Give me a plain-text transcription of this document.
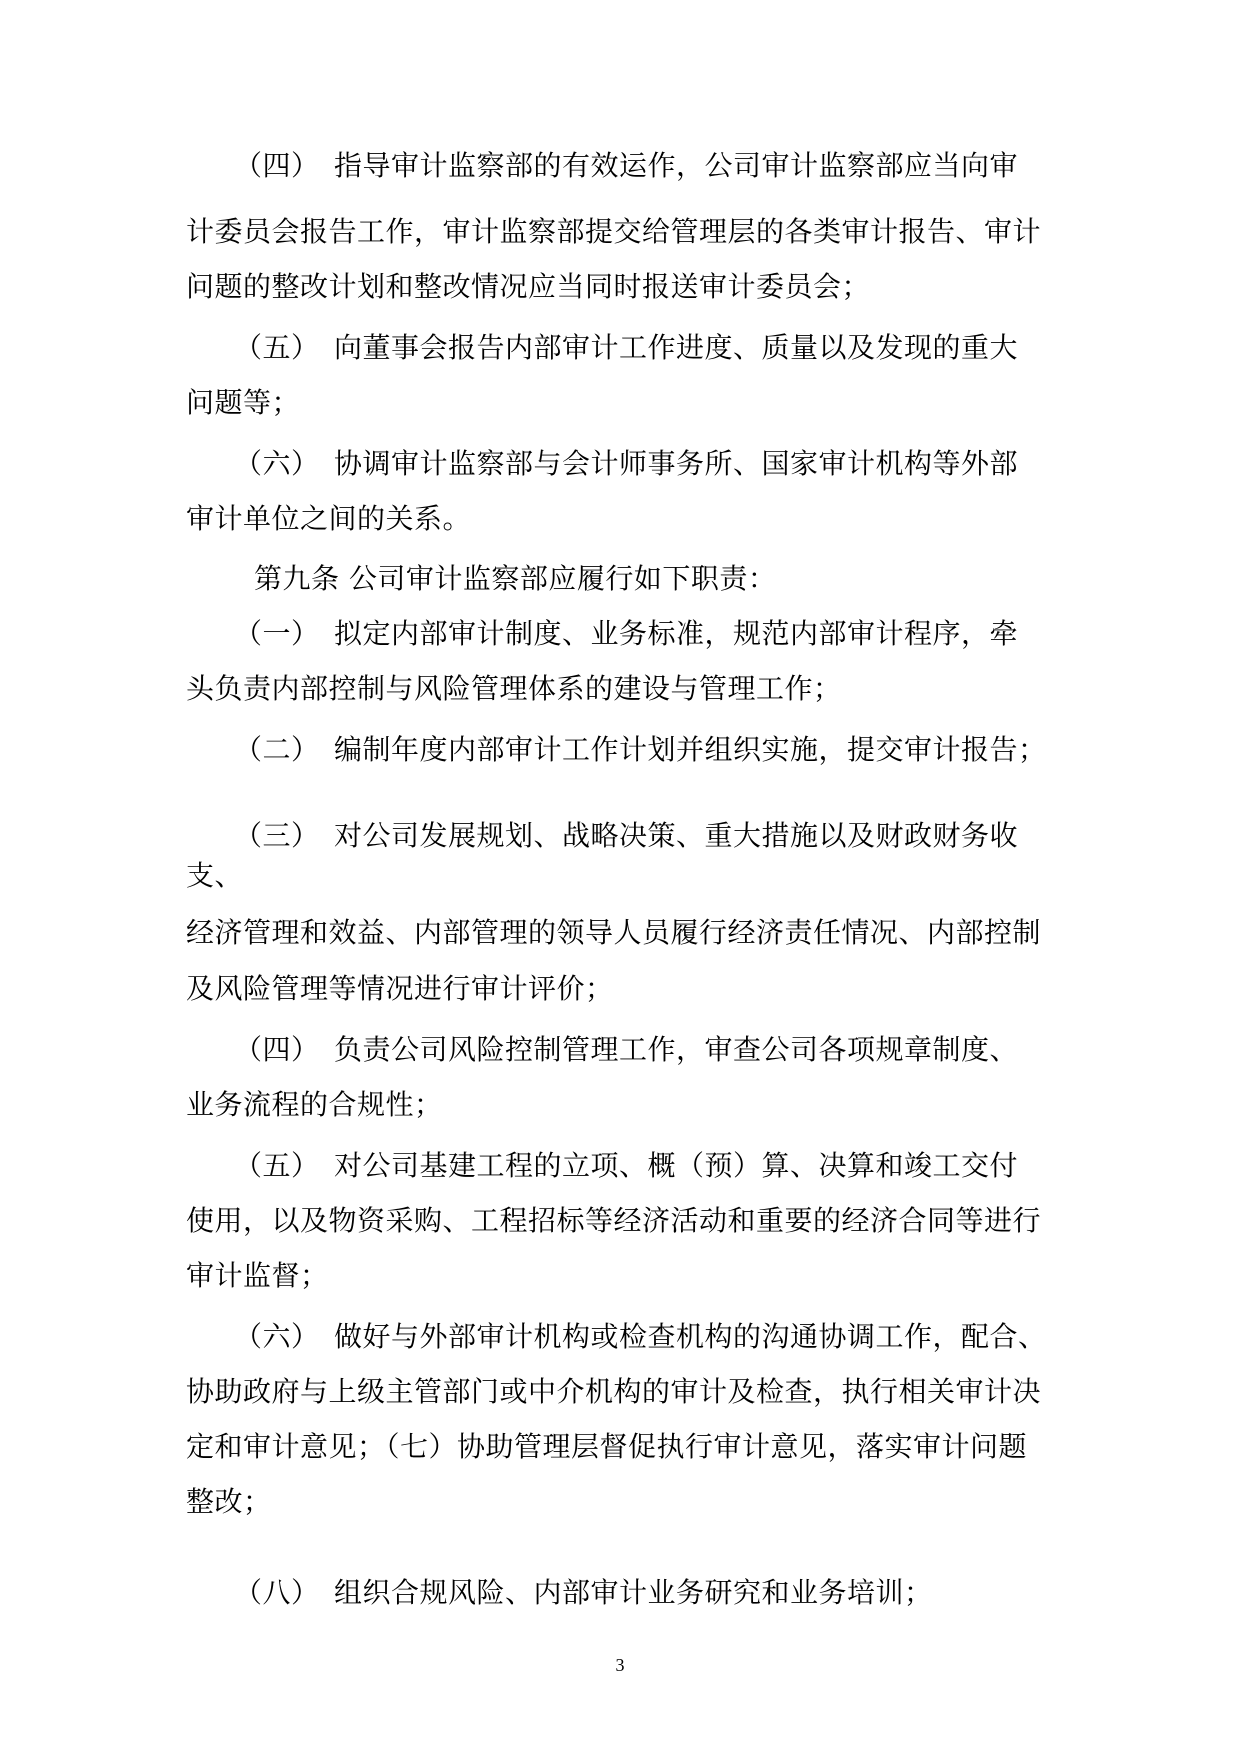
（四）　指导审计监察部的有效运作，公司审计监察部应当向审
计委员会报告工作，审计监察部提交给管理层的各类审计报告、审计
问题的整改计划和整改情况应当同时报送审计委员会；
（五）　向董事会报告内部审计工作进度、质量以及发现的重大
问题等；
（六）　协调审计监察部与会计师事务所、国家审计机构等外部
审计单位之间的关系。
第九条 公司审计监察部应履行如下职责：
（一）　拟定内部审计制度、业务标准，规范内部审计程序，牵
头负责内部控制与风险管理体系的建设与管理工作；
（二）　编制年度内部审计工作计划并组织实施，提交审计报告；
（三）　对公司发展规划、战略决策、重大措施以及财政财务收
支、
经济管理和效益、内部管理的领导人员履行经济责任情况、内部控制
及风险管理等情况进行审计评价；
（四）　负责公司风险控制管理工作，审查公司各项规章制度、
业务流程的合规性；
（五）　对公司基建工程的立项、概（预）算、决算和竣工交付
使用，以及物资采购、工程招标等经济活动和重要的经济合同等进行
审计监督；
（六）　做好与外部审计机构或检查机构的沟通协调工作，配合、
协助政府与上级主管部门或中介机构的审计及检查，执行相关审计决
定和审计意见；（七）协助管理层督促执行审计意见，落实审计问题
整改；
（八）　组织合规风险、内部审计业务研究和业务培训；
3
